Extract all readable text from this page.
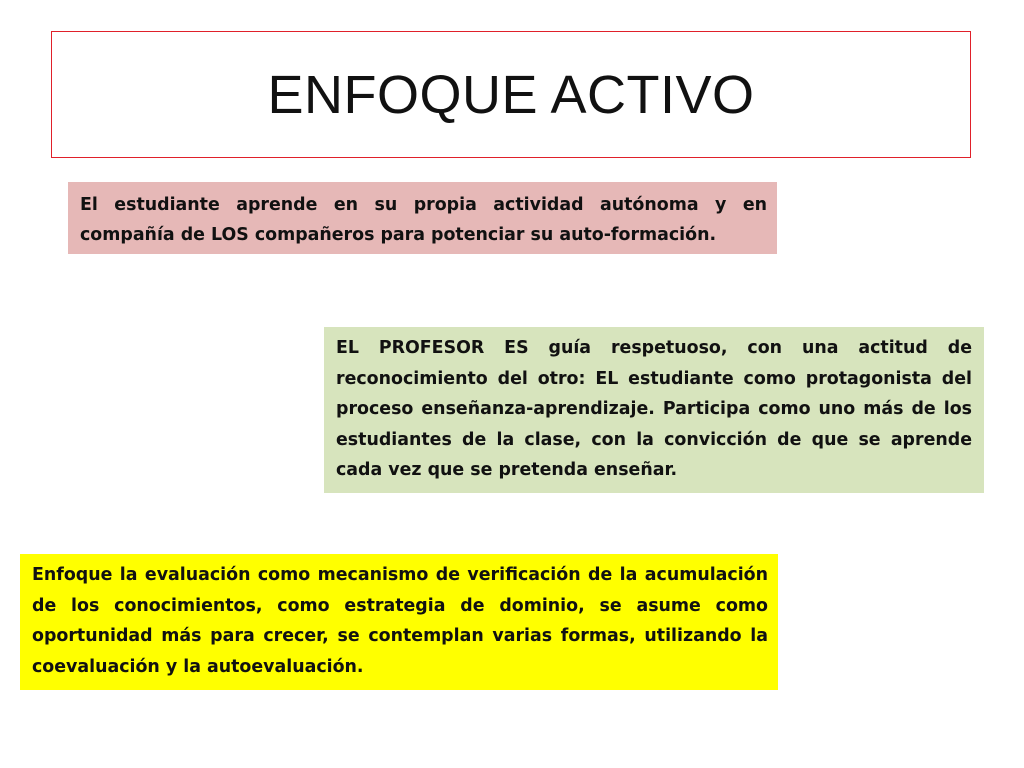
ENFOQUE ACTIVO
El estudiante aprende en su propia actividad autónoma y en compañía de LOS compañeros para potenciar su auto-formación.
EL PROFESOR ES guía respetuoso, con una actitud de reconocimiento del otro: EL estudiante como protagonista del proceso enseñanza-aprendizaje. Participa como uno más de los estudiantes de la clase, con la convicción de que se aprende cada vez que se pretenda enseñar.
Enfoque la evaluación como mecanismo de verificación de la acumulación de los conocimientos, como estrategia de dominio, se asume como oportunidad más para crecer, se contemplan varias formas, utilizando la coevaluación y la autoevaluación.
